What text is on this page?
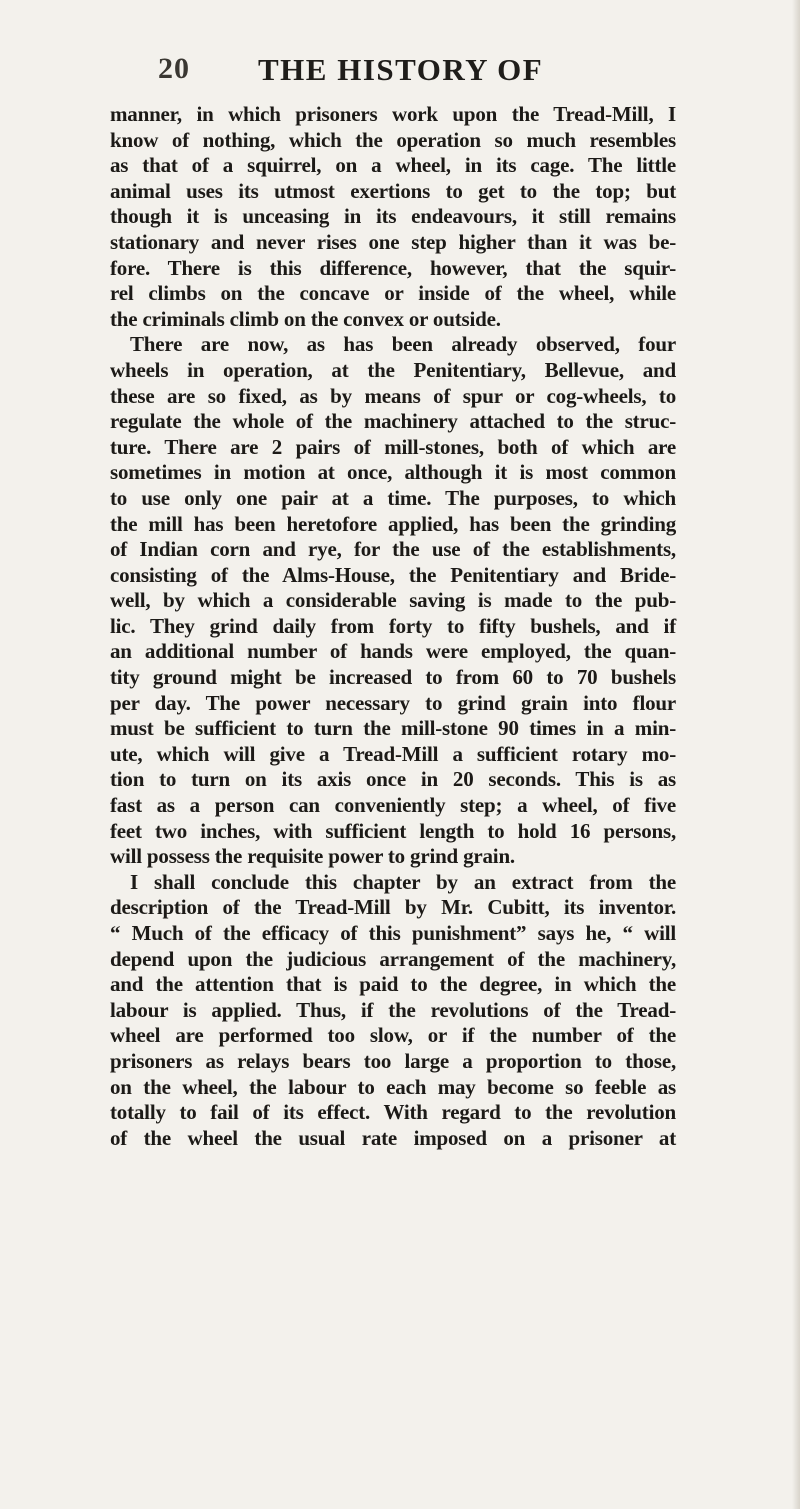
20 THE HISTORY OF
manner, in which prisoners work upon the Tread-Mill, I
know of nothing, which the operation so much resembles
as that of a squirrel, on a wheel, in its cage. The little
animal uses its utmost exertions to get to the top; but
though it is unceasing in its endeavours, it still remains
stationary and never rises one step higher than it was be-
fore. There is this difference, however, that the squir-
rel climbs on the concave or inside of the wheel, while
the criminals climb on the convex or outside.
There are now, as has been already observed, four
wheels in operation, at the Penitentiary, Bellevue, and
these are so fixed, as by means of spur or cog-wheels, to
regulate the whole of the machinery attached to the struc-
ture. There are 2 pairs of mill-stones, both of which are
sometimes in motion at once, although it is most common
to use only one pair at a time. The purposes, to which
the mill has been heretofore applied, has been the grinding
of Indian corn and rye, for the use of the establishments,
consisting of the Alms-House, the Penitentiary and Bride-
well, by which a considerable saving is made to the pub-
lic. They grind daily from forty to fifty bushels, and if
an additional number of hands were employed, the quan-
tity ground might be increased to from 60 to 70 bushels
per day. The power necessary to grind grain into flour
must be sufficient to turn the mill-stone 90 times in a min-
ute, which will give a Tread-Mill a sufficient rotary mo-
tion to turn on its axis once in 20 seconds. This is as
fast as a person can conveniently step; a wheel, of five
feet two inches, with sufficient length to hold 16 persons,
will possess the requisite power to grind grain.
I shall conclude this chapter by an extract from the
description of the Tread-Mill by Mr. Cubitt, its inventor.
“ Much of the efficacy of this punishment” says he, “ will
depend upon the judicious arrangement of the machinery,
and the attention that is paid to the degree, in which the
labour is applied. Thus, if the revolutions of the Tread-
wheel are performed too slow, or if the number of the
prisoners as relays bears too large a proportion to those,
on the wheel, the labour to each may become so feeble as
totally to fail of its effect. With regard to the revolution
of the wheel the usual rate imposed on a prisoner at
